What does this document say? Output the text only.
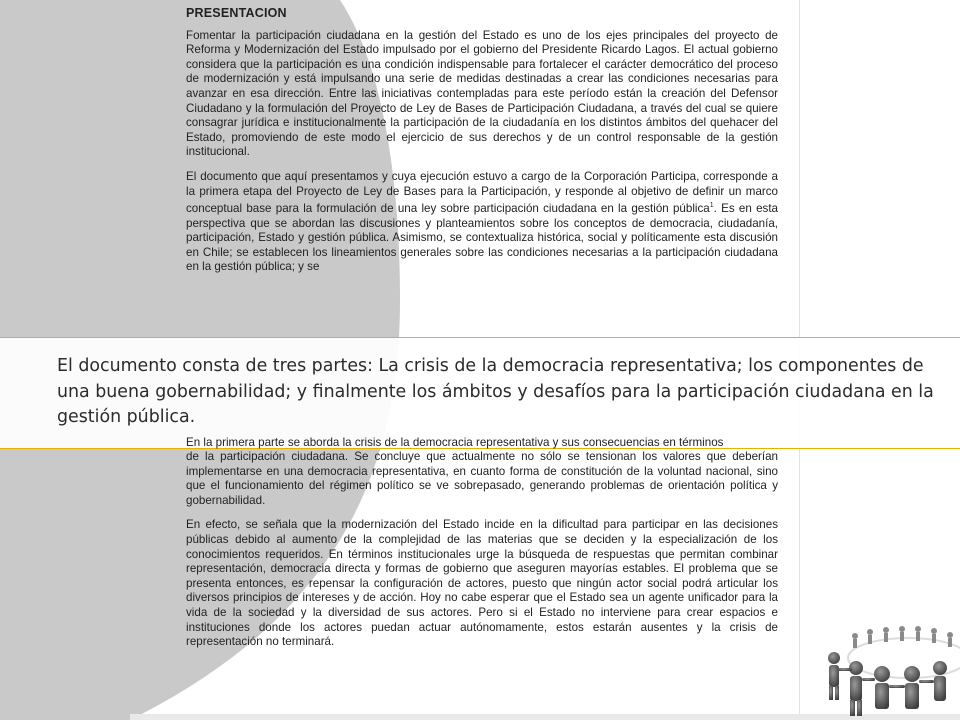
PRESENTACION

Fomentar la participación ciudadana en la gestión del Estado es uno de los ejes principales del proyecto de Reforma y Modernización del Estado impulsado por el gobierno del Presidente Ricardo Lagos. El actual gobierno considera que la participación es una condición indispensable para fortalecer el carácter democrático del proceso de modernización y está impulsando una serie de medidas destinadas a crear las condiciones necesarias para avanzar en esa dirección. Entre las iniciativas contempladas para este período están la creación del Defensor Ciudadano y la formulación del Proyecto de Ley de Bases de Participación Ciudadana, a través del cual se quiere consagrar jurídica e institucionalmente la participación de la ciudadanía en los distintos ámbitos del quehacer del Estado, promoviendo de este modo el ejercicio de sus derechos y de un control responsable de la gestión institucional.

El documento que aquí presentamos y cuya ejecución estuvo a cargo de la Corporación Participa, corresponde a la primera etapa del Proyecto de Ley de Bases para la Participación, y responde al objetivo de definir un marco conceptual base para la formulación de una ley sobre participación ciudadana en la gestión pública$^1$. Es en esta perspectiva que se abordan las discusiones y planteamientos sobre los conceptos de democracia, ciudadanía, participación, Estado y gestión pública. Asimismo, se contextualiza histórica, social y políticamente esta discusión en Chile; se establecen los lineamientos generales sobre las condiciones necesarias a la participación ciudadana en la gestión pública; y se

El documento consta de tres partes: La crisis de la democracia representativa; los componentes de una buena gobernabilidad; y finalmente los ámbitos y desafíos para la participación ciudadana en la gestión pública.

En la primera parte se aborda la crisis de la democracia representativa y sus consecuencias en términos

de la participación ciudadana. Se concluye que actualmente no sólo se tensionan los valores que deberían implementarse en una democracia representativa, en cuanto forma de constitución de la voluntad nacional, sino que el funcionamiento del régimen político se ve sobrepasado, generando problemas de orientación política y gobernabilidad.

En efecto, se señala que la modernización del Estado incide en la dificultad para participar en las decisiones públicas debido al aumento de la complejidad de las materias que se deciden y la especialización de los conocimientos requeridos. En términos institucionales urge la búsqueda de respuestas que permitan combinar representación, democracia directa y formas de gobierno que aseguren mayorías estables. El problema que se presenta entonces, es repensar la configuración de actores, puesto que ningún actor social podrá articular los diversos principios de intereses y de acción. Hoy no cabe esperar que el Estado sea un agente unificador para la vida de la sociedad y la diversidad de sus actores. Pero si el Estado no interviene para crear espacios e instituciones donde los actores puedan actuar autónomamente, estos estarán ausentes y la crisis de representación no terminará.
